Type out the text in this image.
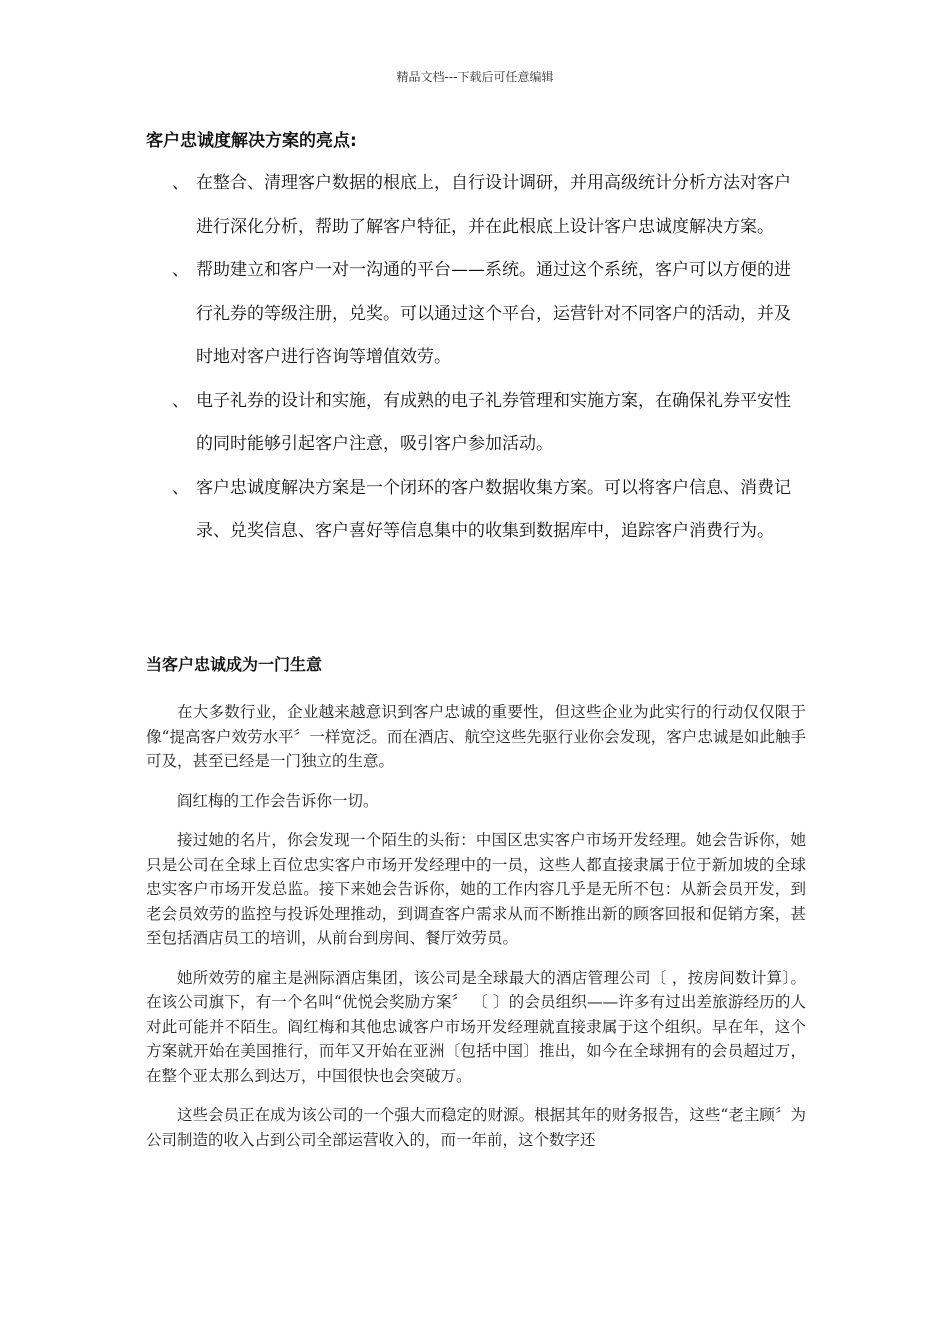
精品文档---下载后可任意编辑
客户忠诚度解决方案的亮点:
、 在整合、清理客户数据的根底上，自行设计调研，并用高级统计分析方法对客户进行深化分析，帮助了解客户特征，并在此根底上设计客户忠诚度解决方案。
、 帮助建立和客户一对一沟通的平台——系统。通过这个系统，客户可以方便的进行礼券的等级注册，兑奖。可以通过这个平台，运营针对不同客户的活动，并及时地对客户进行咨询等增值效劳。
、 电子礼券的设计和实施，有成熟的电子礼券管理和实施方案，在确保礼券平安性的同时能够引起客户注意，吸引客户参加活动。
、 客户忠诚度解决方案是一个闭环的客户数据收集方案。可以将客户信息、消费记录、兑奖信息、客户喜好等信息集中的收集到数据库中，追踪客户消费行为。
当客户忠诚成为一门生意

在大多数行业，企业越来越意识到客户忠诚的重要性，但这些企业为此实行的行动仅仅限于像“提高客户效劳水平〞一样宽泛。而在酒店、航空这些先驱行业你会发现，客户忠诚是如此触手可及，甚至已经是一门独立的生意。

阎红梅的工作会告诉你一切。

接过她的名片，你会发现一个陌生的头衔：中国区忠实客户市场开发经理。她会告诉你，她只是公司在全球上百位忠实客户市场开发经理中的一员，这些人都直接隶属于位于新加坡的全球忠实客户市场开发总监。接下来她会告诉你，她的工作内容几乎是无所不包：从新会员开发，到老会员效劳的监控与投诉处理推动，到调查客户需求从而不断推出新的顾客回报和促销方案，甚至包括酒店员工的培训，从前台到房间、餐厅效劳员。

她所效劳的雇主是洲际酒店集团，该公司是全球最大的酒店管理公司〔 ，按房间数计算〕。在该公司旗下，有一个名叫“优悦会奖励方案〞 〔 〕的会员组织——许多有过出差旅游经历的人对此可能并不陌生。阎红梅和其他忠诚客户市场开发经理就直接隶属于这个组织。早在年，这个方案就开始在美国推行，而年又开始在亚洲〔包括中国〕推出，如今在全球拥有的会员超过万，在整个亚太那么到达万，中国很快也会突破万。

这些会员正在成为该公司的一个强大而稳定的财源。根据其年的财务报告，这些“老主顾〞为公司制造的收入占到公司全部运营收入的，而一年前，这个数字还
